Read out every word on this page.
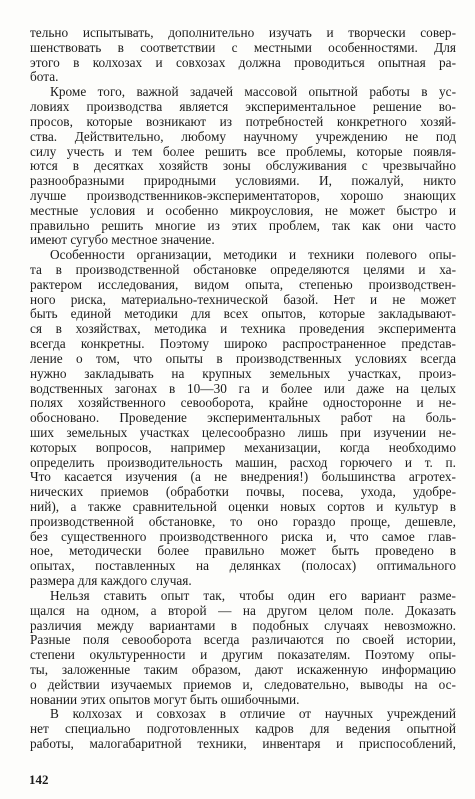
тельно испытывать, дополнительно изучать и творчески совер-
шенствовать в соответствии с местными особенностями. Для
этого в колхозах и совхозах должна проводиться опытная ра-
бота.
Кроме того, важной задачей массовой опытной работы в ус-
ловиях производства является экспериментальное решение во-
просов, которые возникают из потребностей конкретного хозяй-
ства. Действительно, любому научному учреждению не под
силу учесть и тем более решить все проблемы, которые появля-
ются в десятках хозяйств зоны обслуживания с чрезвычайно
разнообразными природными условиями. И, пожалуй, никто
лучше производственников-экспериментаторов, хорошо знающих
местные условия и особенно микроусловия, не может быстро и
правильно решить многие из этих проблем, так как они часто
имеют сугубо местное значение.
Особенности организации, методики и техники полевого опы-
та в производственной обстановке определяются целями и ха-
рактером исследования, видом опыта, степенью производствен-
ного риска, материально-технической базой. Нет и не может
быть единой методики для всех опытов, которые закладывают-
ся в хозяйствах, методика и техника проведения эксперимента
всегда конкретны. Поэтому широко распространенное представ-
ление о том, что опыты в производственных условиях всегда
нужно закладывать на крупных земельных участках, произ-
водственных загонах в 10—30 га и более или даже на целых
полях хозяйственного севооборота, крайне односторонне и не-
обосновано. Проведение экспериментальных работ на боль-
ших земельных участках целесообразно лишь при изучении не-
которых вопросов, например механизации, когда необходимо
определить производительность машин, расход горючего и т. п.
Что касается изучения (а не внедрения!) большинства агротех-
нических приемов (обработки почвы, посева, ухода, удобре-
ний), а также сравнительной оценки новых сортов и культур в
производственной обстановке, то оно гораздо проще, дешевле,
без существенного производственного риска и, что самое глав-
ное, методически более правильно может быть проведено в
опытах, поставленных на делянках (полосах) оптимального
размера для каждого случая.
Нельзя ставить опыт так, чтобы один его вариант разме-
щался на одном, а второй — на другом целом поле. Доказать
различия между вариантами в подобных случаях невозможно.
Разные поля севооборота всегда различаются по своей истории,
степени окультуренности и другим показателям. Поэтому опы-
ты, заложенные таким образом, дают искаженную информацию
о действии изучаемых приемов и, следовательно, выводы на ос-
новании этих опытов могут быть ошибочными.
В колхозах и совхозах в отличие от научных учреждений
нет специально подготовленных кадров для ведения опытной
работы, малогабаритной техники, инвентаря и приспособлений,
142
